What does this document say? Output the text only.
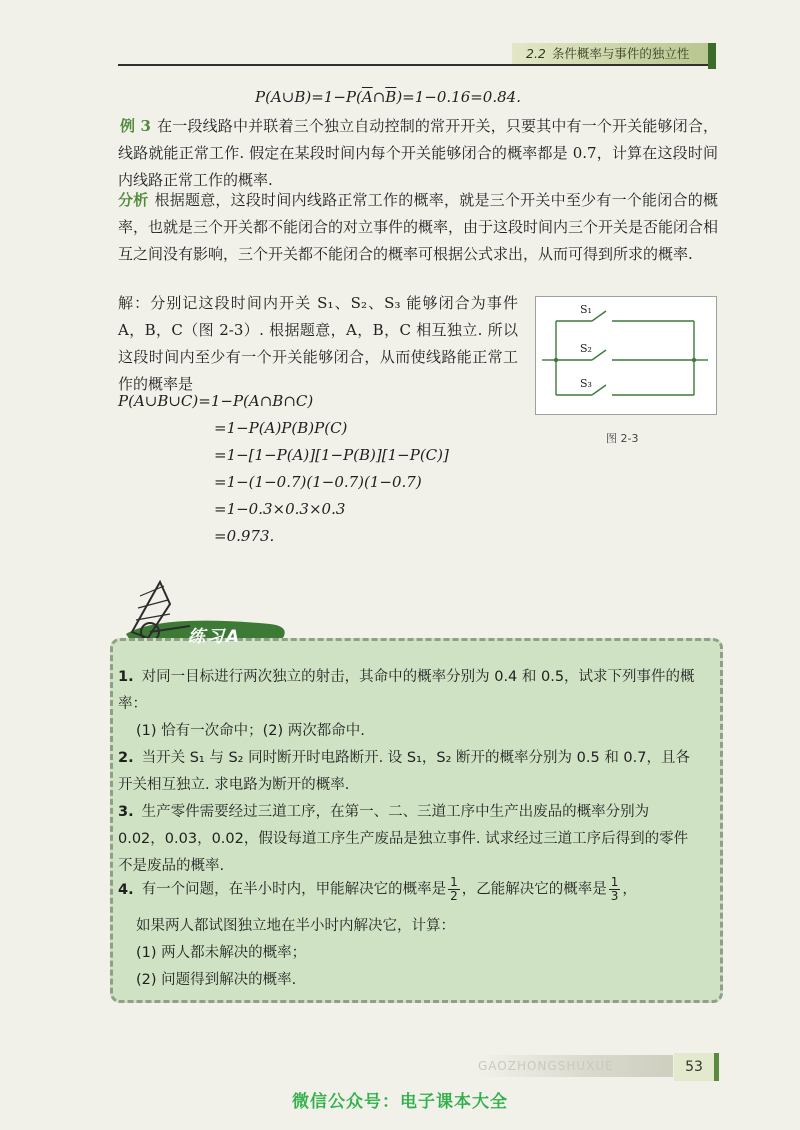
2.2 条件概率与事件的独立性

$P(A\cup B)=1-P(\overline{A}\cap\overline{B})=1-0.16=0.84$.

例 3 在一段线路中并联着三个独立自动控制的常开开关，只要其中有一个开关能够闭合，线路就能正常工作. 假定在某段时间内每个开关能够闭合的概率都是 0.7，计算在这段时间内线路正常工作的概率.

分析 根据题意，这段时间内线路正常工作的概率，就是三个开关中至少有一个能闭合的概率，也就是三个开关都不能闭合的对立事件的概率，由于这段时间内三个开关是否能闭合相互之间没有影响，三个开关都不能闭合的概率可根据公式求出，从而可得到所求的概率.

解：分别记这段时间内开关 S₁、S₂、S₃ 能够闭合为事件 A，B，C（图 2-3）. 根据题意，A，B，C 相互独立. 所以这段时间内至少有一个开关能够闭合，从而使线路能正常工作的概率是

P(A∪B∪C)=1−P(A∩B∩C)

=1−P(A)P(B)P(C)

=1−[1−P(A)][1−P(B)][1−P(C)]

=1−(1−0.7)(1−0.7)(1−0.7)

=1−0.3×0.3×0.3

=0.973.

S₁
S₂
S₃
图 2-3
练习A

1. 对同一目标进行两次独立的射击，其命中的概率分别为 0.4 和 0.5，试求下列事件的概率：

(1) 恰有一次命中；(2) 两次都命中.

2. 当开关 S₁ 与 S₂ 同时断开时电路断开. 设 S₁，S₂ 断开的概率分别为 0.5 和 0.7，且各开关相互独立. 求电路为断开的概率.

3. 生产零件需要经过三道工序，在第一、二、三道工序中生产出废品的概率分别为 0.02，0.03，0.02，假设每道工序生产废品是独立事件. 试求经过三道工序后得到的零件不是废品的概率.

4. 有一个问题，在半小时内，甲能解决它的概率是 $\frac{1}{2}$ ，乙能解决它的概率是 $\frac{1}{3}$ ，

如果两人都试图独立地在半小时内解决它，计算：

(1) 两人都未解决的概率；

(2) 问题得到解决的概率.

GAOZHONGSHUXUE	53
微信公众号：电子课本大全
